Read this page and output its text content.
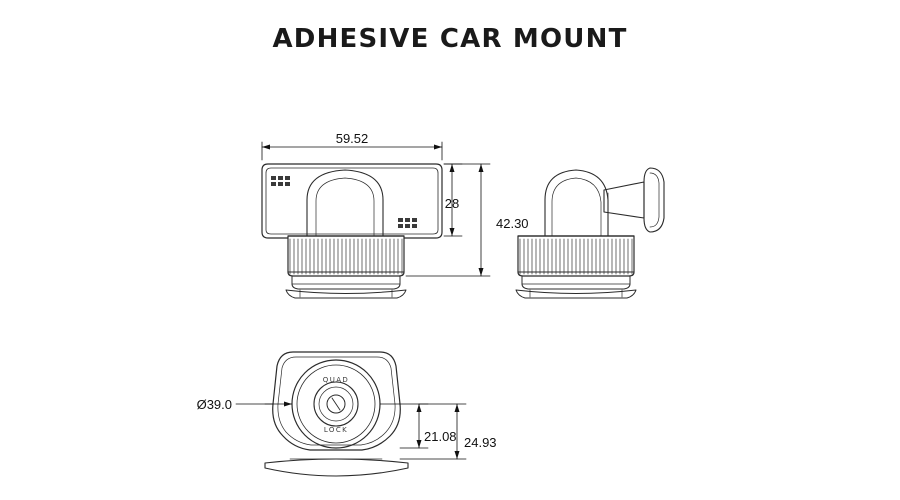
ADHESIVE CAR MOUNT
QUAD
LOCK
59.52
28
42.30
Ø39.0
21.08 24.93
